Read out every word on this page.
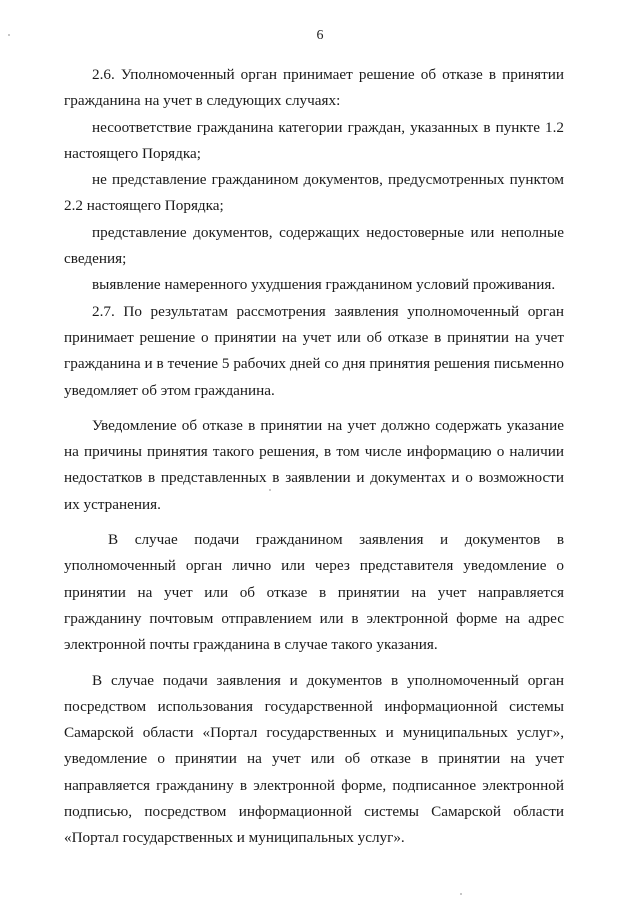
6

2.6. Уполномоченный орган принимает решение об отказе в принятии гражданина на учет в следующих случаях:

несоответствие гражданина категории граждан, указанных в пункте 1.2 настоящего Порядка;

не представление гражданином документов, предусмотренных пунктом 2.2 настоящего Порядка;

представление документов, содержащих недостоверные или неполные сведения;

выявление намеренного ухудшения гражданином условий проживания.

2.7. По результатам рассмотрения заявления уполномоченный орган принимает решение о принятии на учет или об отказе в принятии на учет гражданина и в течение 5 рабочих дней со дня принятия решения письменно уведомляет об этом гражданина.

Уведомление об отказе в принятии на учет должно содержать указание на причины принятия такого решения, в том числе информацию о наличии недостатков в представленных в заявлении и документах и о возможности их устранения.

В случае подачи гражданином заявления и документов в уполномоченный орган лично или через представителя уведомление о принятии на учет или об отказе в принятии на учет направляется гражданину почтовым отправлением или в электронной форме на адрес электронной почты гражданина в случае такого указания.

В случае подачи заявления и документов в уполномоченный орган посредством использования государственной информационной системы Самарской области «Портал государственных и муниципальных услуг», уведомление о принятии на учет или об отказе в принятии на учет направляется гражданину в электронной форме, подписанное электронной подписью, посредством информационной системы Самарской области «Портал государственных и муниципальных услуг».
